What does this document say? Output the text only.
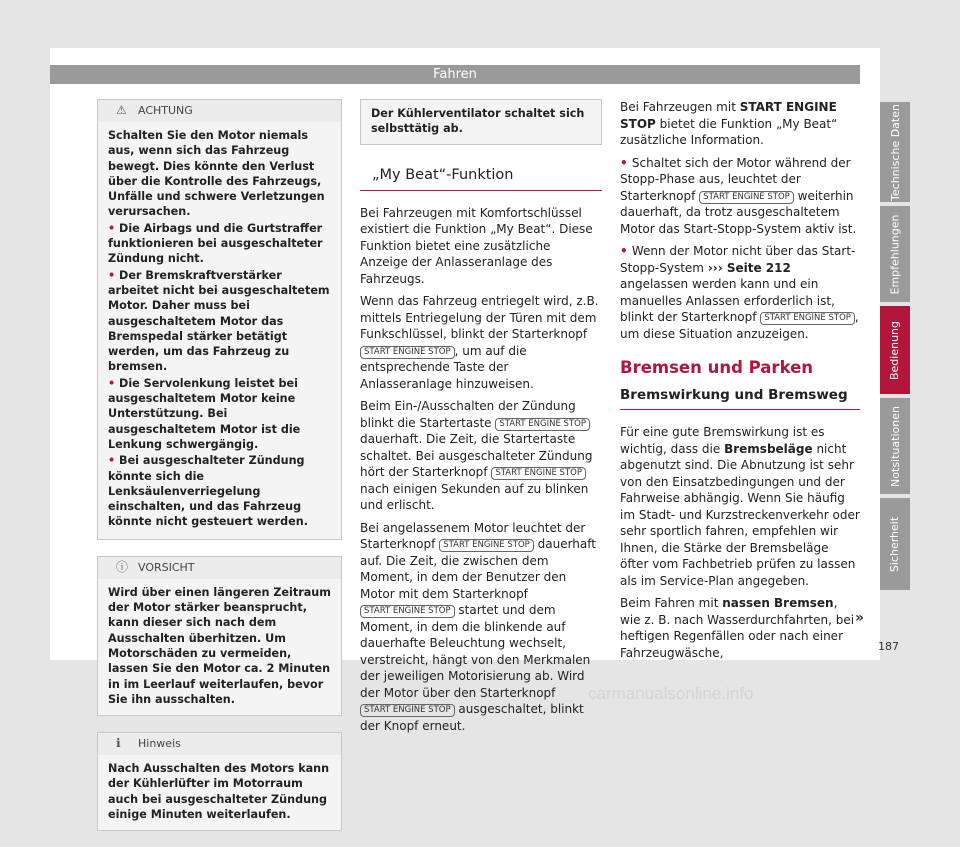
Fahren
⚠ ACHTUNG

Schalten Sie den Motor niemals aus, wenn sich das Fahrzeug bewegt. Dies könnte den Verlust über die Kontrolle des Fahrzeugs, Unfälle und schwere Verletzungen verursachen.

• Die Airbags und die Gurtstraffer funktionieren bei ausgeschalteter Zündung nicht.

• Der Bremskraftverstärker arbeitet nicht bei ausgeschaltetem Motor. Daher muss bei ausgeschaltetem Motor das Bremspedal stärker betätigt werden, um das Fahrzeug zu bremsen.

• Die Servolenkung leistet bei ausgeschaltetem Motor keine Unterstützung. Bei ausgeschaltetem Motor ist die Lenkung schwergängig.

• Bei ausgeschalteter Zündung könnte sich die Lenksäulenverriegelung einschalten, und das Fahrzeug könnte nicht gesteuert werden.

ⓘ VORSICHT
Wird über einen längeren Zeitraum der Motor stärker beansprucht, kann dieser sich nach dem Ausschalten überhitzen. Um Motorschäden zu vermeiden, lassen Sie den Motor ca. 2 Minuten in im Leerlauf weiterlaufen, bevor Sie ihn ausschalten.
ℹ Hinweis
Nach Ausschalten des Motors kann der Kühlerlüfter im Motorraum auch bei ausgeschalteter Zündung einige Minuten weiterlaufen.
Der Kühlerventilator schaltet sich selbsttätig ab.
„My Beat“-Funktion

Bei Fahrzeugen mit Komfortschlüssel existiert die Funktion „My Beat“. Diese Funktion bietet eine zusätzliche Anzeige der Anlasseranlage des Fahrzeugs.

Wenn das Fahrzeug entriegelt wird, z.B. mittels Entriegelung der Türen mit dem Funkschlüssel, blinkt der Starterknopf START ENGINE STOP , um auf die entsprechende Taste der Anlasseranlage hinzuweisen.

Beim Ein-/Ausschalten der Zündung blinkt die Startertaste START ENGINE STOP dauerhaft. Die Zeit, die Startertaste schaltet. Bei ausgeschalteter Zündung hört der Starterknopf START ENGINE STOP nach einigen Sekunden auf zu blinken und erlischt.

Bei angelassenem Motor leuchtet der Starterknopf START ENGINE STOP dauerhaft auf. Die Zeit, die zwischen dem Moment, in dem der Benutzer den Motor mit dem Starterknopf START ENGINE STOP startet und dem Moment, in dem die blinkende auf dauerhafte Beleuchtung wechselt, verstreicht, hängt von den Merkmalen der jeweiligen Motorisierung ab. Wird der Motor über den Starterknopf START ENGINE STOP ausgeschaltet, blinkt der Knopf erneut.

Bei Fahrzeugen mit START ENGINE STOP bietet die Funktion „My Beat“ zusätzliche Information.

• Schaltet sich der Motor während der Stopp-Phase aus, leuchtet der Starterknopf START ENGINE STOP weiterhin dauerhaft, da trotz ausgeschaltetem Motor das Start-Stopp-System aktiv ist.

• Wenn der Motor nicht über das Start-Stopp-System ››› Seite 212 angelassen werden kann und ein manuelles Anlassen erforderlich ist, blinkt der Starterknopf START ENGINE STOP , um diese Situation anzuzeigen.

Bremsen und Parken
Bremswirkung und Bremsweg

Für eine gute Bremswirkung ist es wichtig, dass die Bremsbeläge nicht abgenutzt sind. Die Abnutzung ist sehr von den Einsatzbedingungen und der Fahrweise abhängig. Wenn Sie häufig im Stadt- und Kurzstreckenverkehr oder sehr sportlich fahren, empfehlen wir Ihnen, die Stärke der Bremsbeläge öfter vom Fachbetrieb prüfen zu lassen als im Service-Plan angegeben.

Beim Fahren mit nassen Bremsen, wie z. B. nach Wasserdurchfahrten, bei heftigen Regenfällen oder nach einer Fahrzeugwäsche,

»
Technische Daten
Empfehlungen
Bedienung
Notsituationen
Sicherheit
187
carmanualsonline.info
